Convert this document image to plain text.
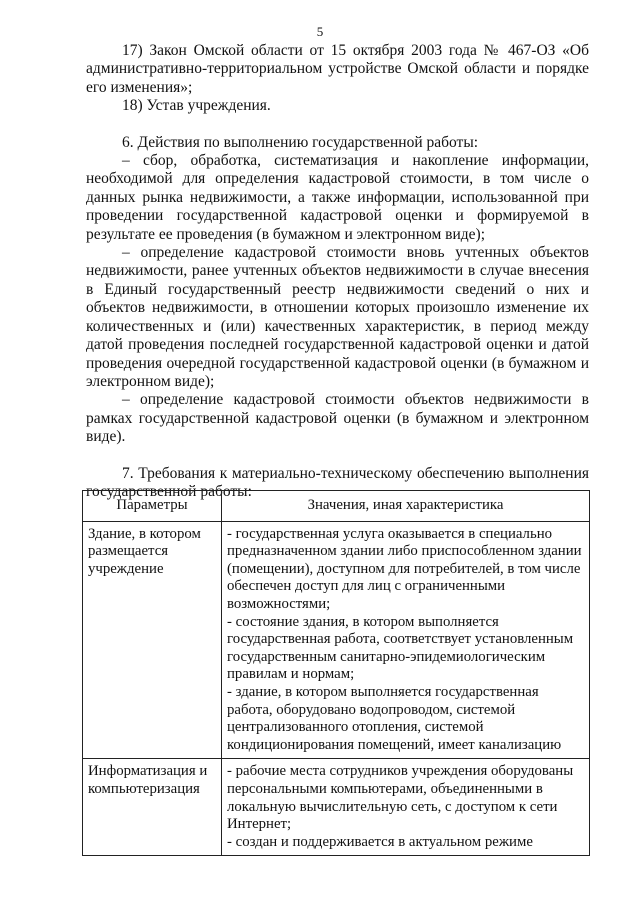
5

17) Закон Омской области от 15 октября 2003 года № 467-ОЗ «Об административно-территориальном устройстве Омской области и порядке его изменения»;

18) Устав учреждения.

6. Действия по выполнению государственной работы:

– сбор, обработка, систематизация и накопление информации, необходимой для определения кадастровой стоимости, в том числе о данных рынка недвижимости, а также информации, использованной при проведении государственной кадастровой оценки и формируемой в результате ее проведения (в бумажном и электронном виде);

– определение кадастровой стоимости вновь учтенных объектов недвижимости, ранее учтенных объектов недвижимости в случае внесения в Единый государственный реестр недвижимости сведений о них и объектов недвижимости, в отношении которых произошло изменение их количественных и (или) качественных характеристик, в период между датой проведения последней государственной кадастровой оценки и датой проведения очередной государственной кадастровой оценки (в бумажном и электронном виде);

– определение кадастровой стоимости объектов недвижимости в рамках государственной кадастровой оценки (в бумажном и электронном виде).

7. Требования к материально-техническому обеспечению выполнения государственной работы:

Параметры	Значения, иная характеристика
Здание, в котором размещается учреждение	- государственная услуга оказывается в специально предназначенном здании либо приспособленном здании (помещении), доступном для потребителей, в том числе обеспечен доступ для лиц с ограниченными возможностями;
- состояние здания, в котором выполняется государственная работа, соответствует установленным государственным санитарно-эпидемиологическим правилам и нормам;
- здание, в котором выполняется государственная работа, оборудовано водопроводом, системой централизованного отопления, системой кондиционирования помещений, имеет канализацию

Информатизация и компьютеризация	- рабочие места сотрудников учреждения оборудованы персональными компьютерами, объединенными в локальную вычислительную сеть, с доступом к сети Интернет;
- создан и поддерживается в актуальном режиме
